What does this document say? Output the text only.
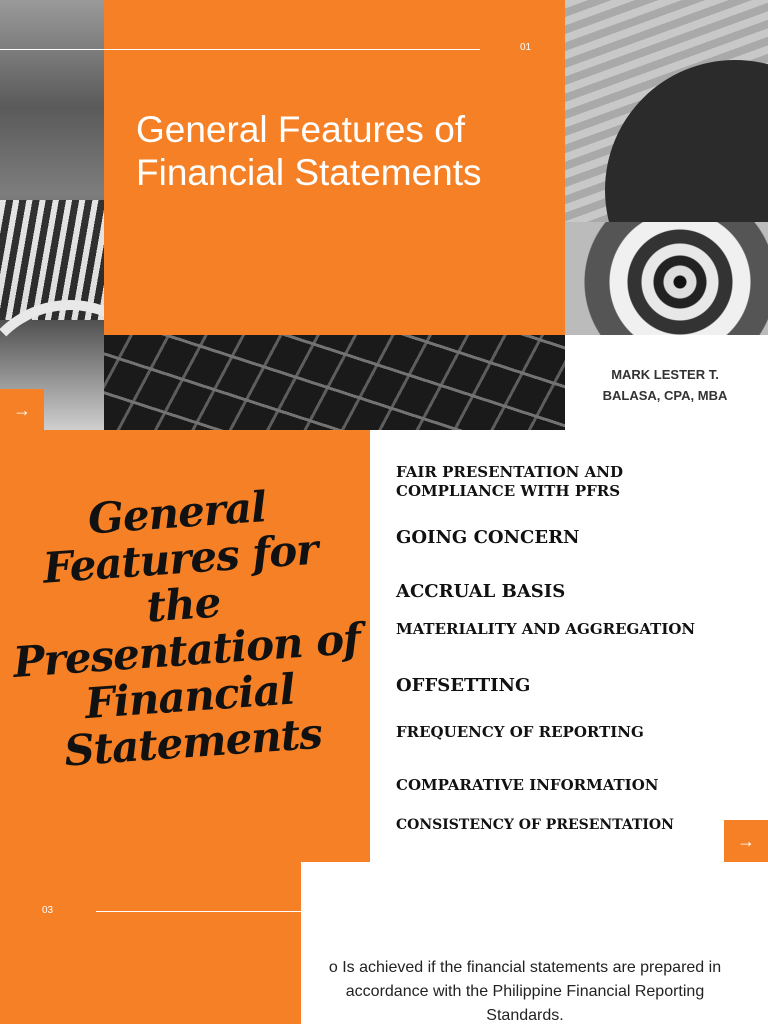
01
General Features of Financial Statements
MARK LESTER T. BALASA, CPA, MBA
→
General Features for the Presentation of Financial Statements
FAIR PRESENTATION AND COMPLIANCE WITH PFRS
GOING CONCERN
ACCRUAL BASIS
MATERIALITY AND AGGREGATION
OFFSETTING
FREQUENCY OF REPORTING
COMPARATIVE INFORMATION
CONSISTENCY OF PRESENTATION
→
03
o Is achieved if the financial statements are prepared in accordance with the Philippine Financial Reporting Standards.
